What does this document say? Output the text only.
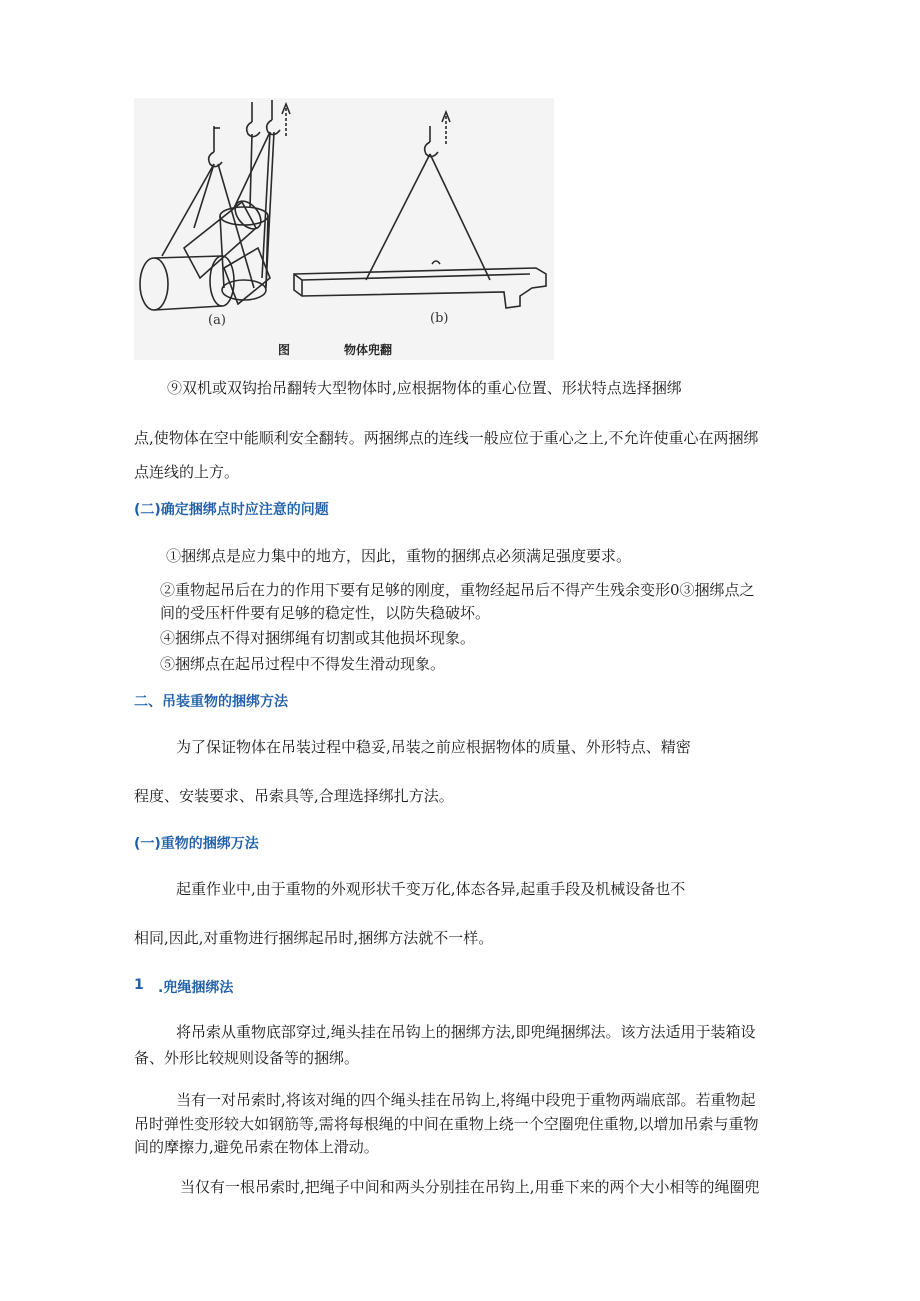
(a)	(b)
图	物体兜翻

⑨双机或双钩抬吊翻转大型物体时,应根据物体的重心位置、形状特点选择捆绑

点,使物体在空中能顺利安全翻转。两捆绑点的连线一般应位于重心之上,不允许使重心在两捆绑

点连线的上方。

(二)确定捆绑点时应注意的问题

①捆绑点是应力集中的地方，因此，重物的捆绑点必须满足强度要求。

②重物起吊后在力的作用下要有足够的刚度，重物经起吊后不得产生残余变形0③捆绑点之

间的受压杆件要有足够的稳定性，以防失稳破坏。

④捆绑点不得对捆绑绳有切割或其他损坏现象。

⑤捆绑点在起吊过程中不得发生滑动现象。

二、吊装重物的捆绑方法

为了保证物体在吊装过程中稳妥,吊装之前应根据物体的质量、外形特点、精密

程度、安装要求、吊索具等,合理选择绑扎方法。

(一)重物的捆绑万法

起重作业中,由于重物的外观形状千变万化,体态各异,起重手段及机械设备也不

相同,因此,对重物进行捆绑起吊时,捆绑方法就不一样。

1 .兜绳捆绑法

将吊索从重物底部穿过,绳头挂在吊钩上的捆绑方法,即兜绳捆绑法。该方法适用于装箱设

备、外形比较规则设备等的捆绑。

当有一对吊索时,将该对绳的四个绳头挂在吊钩上,将绳中段兜于重物两端底部。若重物起

吊时弹性变形较大如钢筋等,需将每根绳的中间在重物上绕一个空圈兜住重物,以增加吊索与重物

间的摩擦力,避免吊索在物体上滑动。

当仅有一根吊索时,把绳子中间和两头分别挂在吊钩上,用垂下来的两个大小相等的绳圈兜
